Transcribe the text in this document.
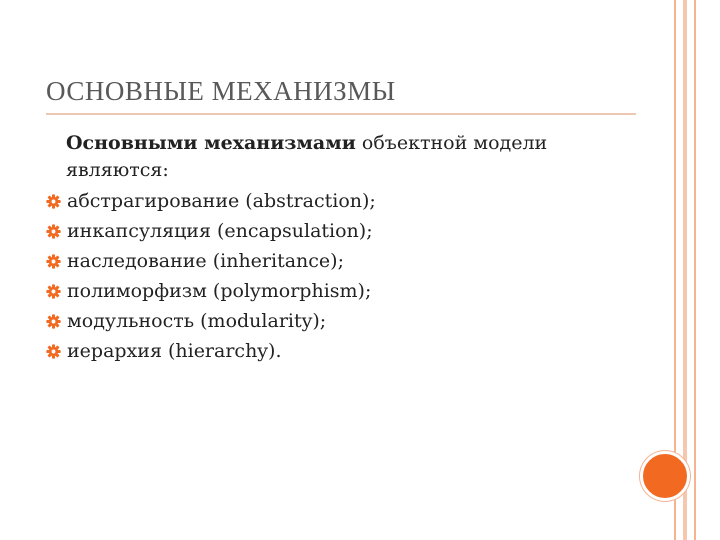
ОСНОВНЫЕ МЕХАНИЗМЫ
Основными механизмами объектной модели являются:
абстрагирование (abstraction);
инкапсуляция (encapsulation);
наследование (inheritance);
полиморфизм (polymorphism);
модульность (modularity);
иерархия (hierarchy).
